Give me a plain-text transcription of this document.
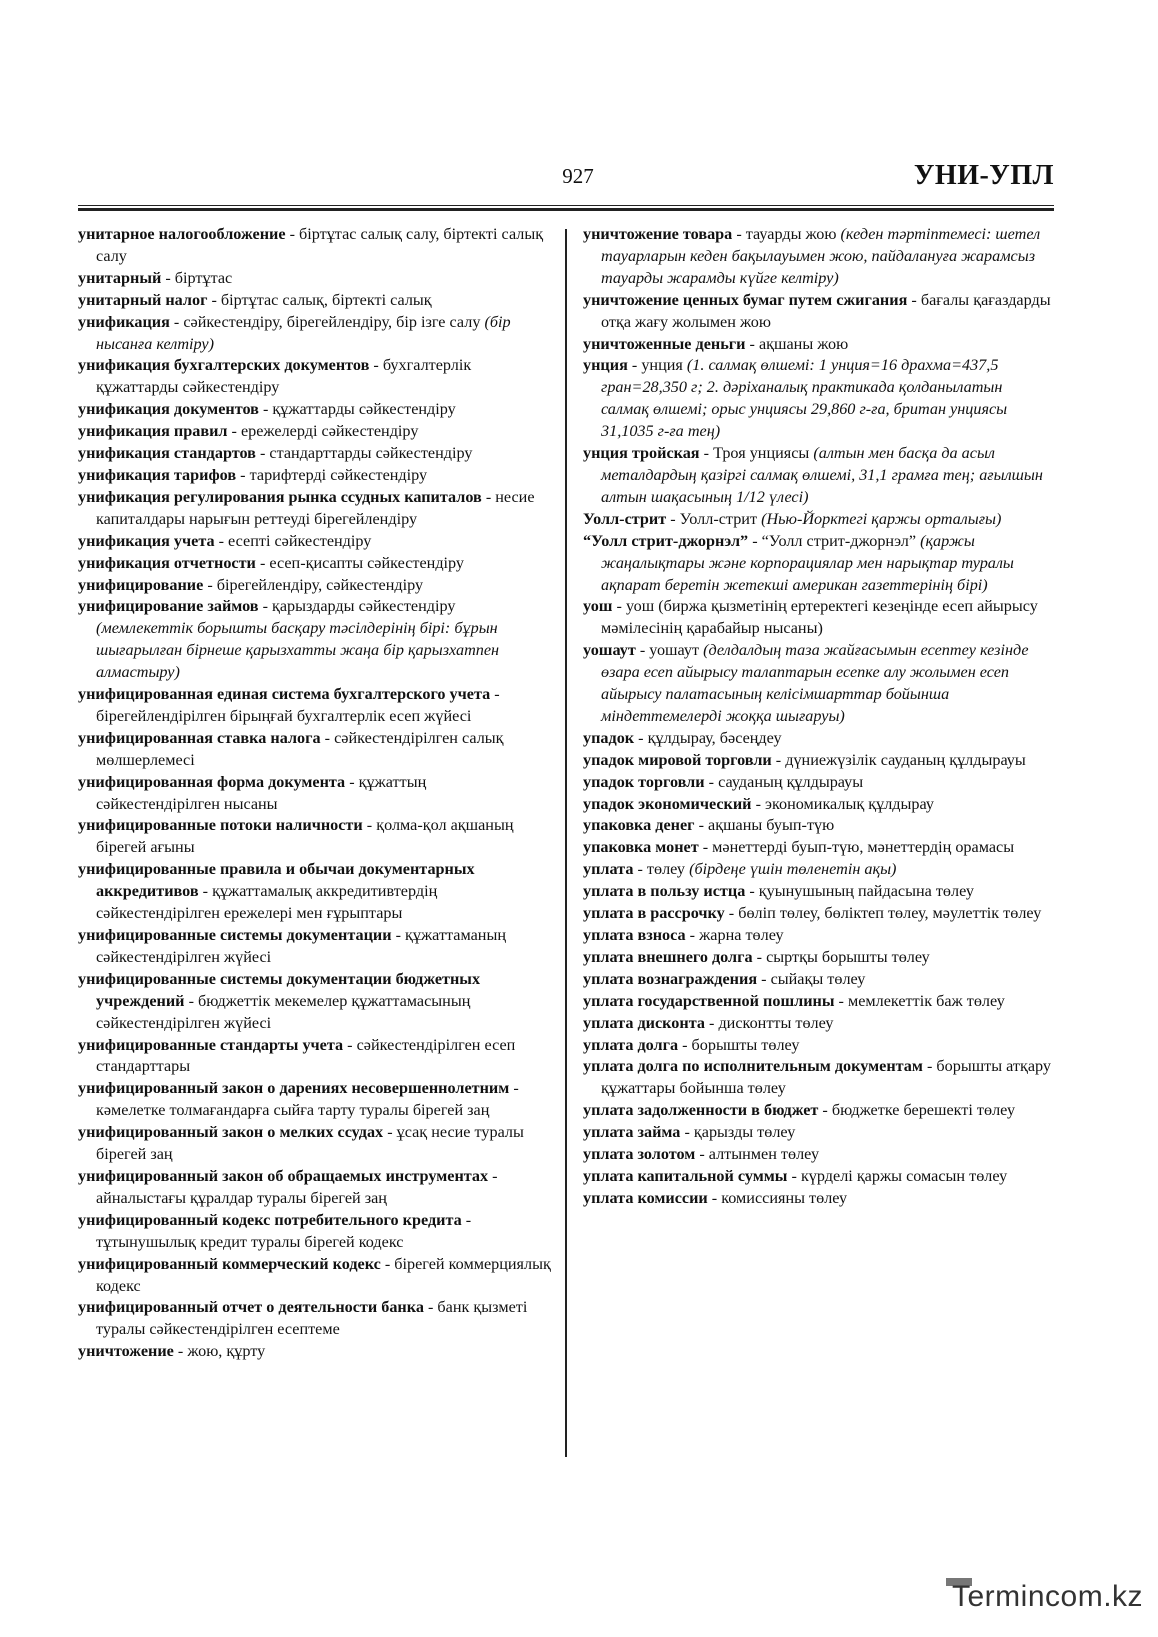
927	УНИ-УПЛ

унитарное налогообложение - біртұтас салық салу, біртекті салық салу

унитарный - біртұтас

унитарный налог - біртұтас салық, біртекті салық

унификация - сәйкестендіру, бірегейлендіру, бір ізге салу (бір нысанға келтіру)

унификация бухгалтерских документов - бухгалтерлік құжаттарды сәйкестендіру

унификация документов - құжаттарды сәйкестендіру

унификация правил - ережелерді сәйкестендіру

унификация стандартов - стандарттарды сәйкестендіру

унификация тарифов - тарифтерді сәйкестендіру

унификация регулирования рынка ссудных капиталов - несие капиталдары нарығын реттеуді бірегейлендіру

унификация учета - есепті сәйкестендіру

унификация отчетности - есеп-қисапты сәйкестендіру

унифицирование - бірегейлендіру, сәйкестендіру

унифицирование займов - қарыздарды сәйкестендіру (мемлекеттік борышты басқару тәсілдерінің бірі: бұрын шығарылған бірнеше қарызхатты жаңа бір қарызхатпен алмастыру)

унифицированная единая система бухгалтерского учета - бірегейлендірілген бірыңғай бухгалтерлік есеп жүйесі

унифицированная ставка налога - сәйкестендірілген салық мөлшерлемесі

унифицированная форма документа - құжаттың сәйкестендірілген нысаны

унифицированные потоки наличности - қолма-қол ақшаның бірегей ағыны

унифицированные правила и обычаи документарных аккредитивов - құжаттамалық аккредитивтердің сәйкестендірілген ережелері мен ғұрыптары

унифицированные системы документации - құжаттаманың сәйкестендірілген жүйесі

унифицированные системы документации бюджетных учреждений - бюджеттік мекемелер құжаттамасының сәйкестендірілген жүйесі

унифицированные стандарты учета - сәйкестендірілген есеп стандарттары

унифицированный закон о дарениях несовершеннолетним - кәмелетке толмағандарға сыйға тарту туралы бірегей заң

унифицированный закон о мелких ссудах - ұсақ несие туралы бірегей заң

унифицированный закон об обращаемых инструментах - айналыстағы құралдар туралы бірегей заң

унифицированный кодекс потребительного кредита - тұтынушылық кредит туралы бірегей кодекс

унифицированный коммерческий кодекс - бірегей коммерциялық кодекс

унифицированный отчет о деятельности банка - банк қызметі туралы сәйкестендірілген есептеме

уничтожение - жою, құрту

уничтожение товара - тауарды жою (кеден тәртіптемесі: шетел тауарларын кеден бақылауымен жою, пайдалануға жарамсыз тауарды жарамды күйге келтіру)

уничтожение ценных бумаг путем сжигания - бағалы қағаздарды отқа жағу жолымен жою

уничтоженные деньги - ақшаны жою

унция - унция (1. салмақ өлшемі: 1 унция=16 драхма=437,5 гран=28,350 г; 2. дәріханалық практикада қолданылатын салмақ өлшемі; орыс унциясы 29,860 г-ға, британ унциясы 31,1035 г-ға тең)

унция тройская - Троя унциясы (алтын мен басқа да асыл металдардың қазіргі салмақ өлшемі, 31,1 грамға тең; ағылшын алтын шақасының 1/12 үлесі)

Уолл-стрит - Уолл-стрит (Нью-Йорктегі қаржы орталығы)

“Уолл стрит-джорнэл” - “Уолл стрит-джорнэл” (қаржы жаңалықтары және корпорациялар мен нарықтар туралы ақпарат беретін жетекші американ газеттерінің бірі)

уош - уош (биржа қызметінің ертеректегі кезеңінде есеп айырысу мәмілесінің қарабайыр нысаны)

уошаут - уошаут (делдалдың таза жайғасымын есептеу кезінде өзара есеп айырысу талаптарын есепке алу жолымен есеп айырысу палатасының келісімшарттар бойынша міндеттемелерді жоққа шығаруы)

упадок - құлдырау, бәсеңдеу

упадок мировой торговли - дүниежүзілік сауданың құлдырауы

упадок торговли - сауданың құлдырауы

упадок экономический - экономикалық құлдырау

упаковка денег - ақшаны буып-түю

упаковка монет - мәнеттерді буып-түю, мәнеттердің орамасы

уплата - төлеу (бірдеңе үшін төленетін ақы)

уплата в пользу истца - қуынушының пайдасына төлеу

уплата в рассрочку - бөліп төлеу, бөліктеп төлеу, мәулеттік төлеу

уплата взноса - жарна төлеу

уплата внешнего долга - сыртқы борышты төлеу

уплата вознаграждения - сыйақы төлеу

уплата государственной пошлины - мемлекеттік баж төлеу

уплата дисконта - дисконтты төлеу

уплата долга - борышты төлеу

уплата долга по исполнительным документам - борышты атқару құжаттары бойынша төлеу

уплата задолженности в бюджет - бюджетке берешекті төлеу

уплата займа - қарызды төлеу

уплата золотом - алтынмен төлеу

уплата капитальной суммы - күрделі қаржы сомасын төлеу

уплата комиссии - комиссияны төлеу

Termincom.kz
